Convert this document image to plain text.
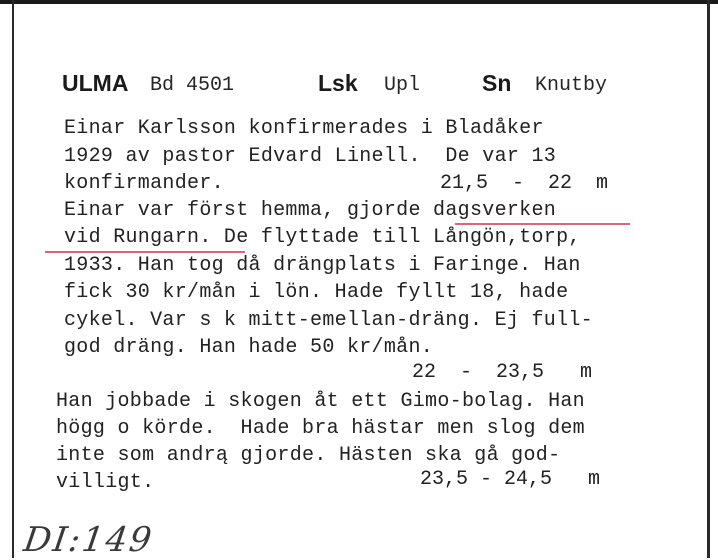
ULMA Bd 4501	Lsk Upl	Sn Knutby
Einar Karlsson konfirmerades i Bladåker
1929 av pastor Edvard Linell.  De var 13
konfirmander.	21,5  -  22  m
Einar var först hemma, gjorde dagsverken
vid Rungarn. De flyttade till Långön,torp,
1933. Han tog då drängplats i Faringe. Han
fick 30 kr/mån i lön. Hade fyllt 18, hade
cykel. Var s k mitt-emellan-dräng. Ej full-
god dräng. Han hade 50 kr/mån.
22  -  23,5   m
Han jobbade i skogen åt ett Gimo-bolag. Han
högg o körde.  Hade bra hästar men slog dem
inte som andrą gjorde. Hästen ska gå god-
villigt.	23,5 - 24,5   m
DI:149
